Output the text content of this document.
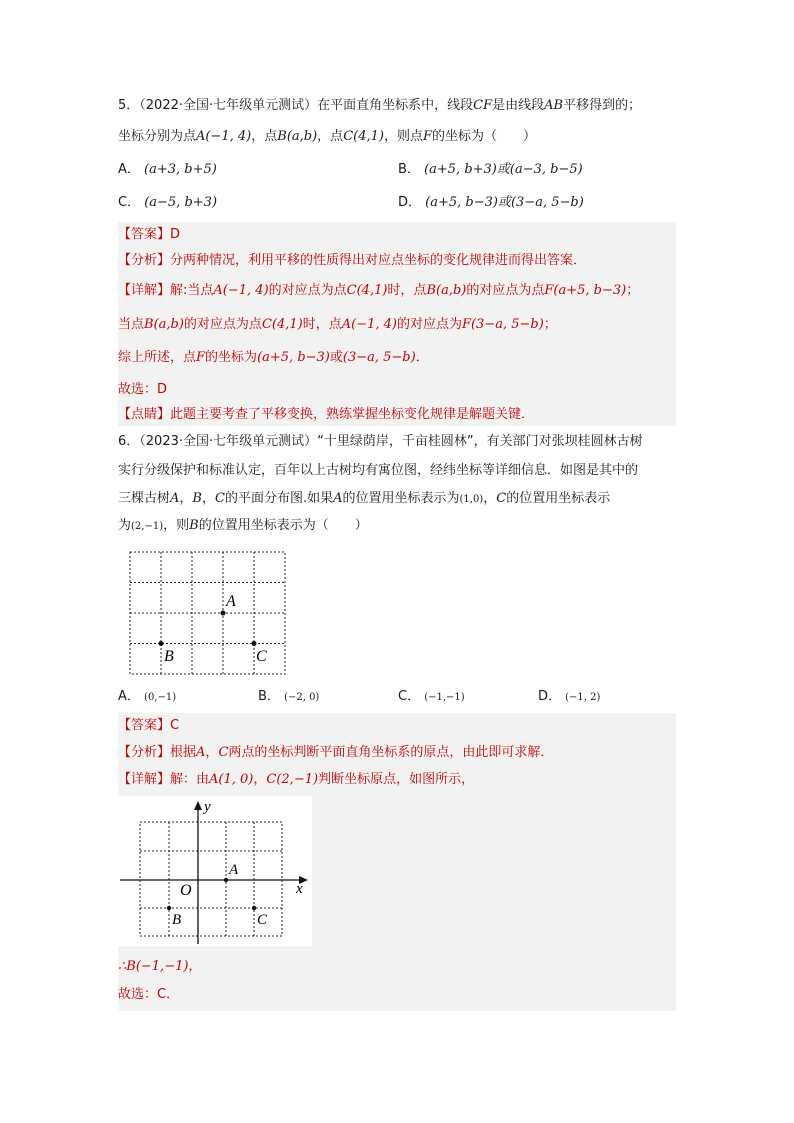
5．（2022·全国·七年级单元测试）在平面直角坐标系中，线段CF是由线段AB平移得到的；
坐标分别为点A(−1, 4)，点B(a,b)，点C(4,1)，则点F的坐标为（　　）
A． (a+3, b+5)	B． (a+5, b+3)或(a−3, b−5)
C． (a−5, b+3)	D． (a+5, b−3)或(3−a, 5−b)
【答案】D
【分析】分两种情况，利用平移的性质得出对应点坐标的变化规律进而得出答案．
【详解】解:当点A(−1, 4)的对应点为点C(4,1)时，点B(a,b)的对应点为点F(a+5, b−3)；
当点B(a,b)的对应点为点C(4,1)时，点A(−1, 4)的对应点为F(3−a, 5−b)；
综上所述，点F的坐标为(a+5, b−3)或(3−a, 5−b)．
故选：D
【点睛】此题主要考查了平移变换，熟练掌握坐标变化规律是解题关键．
6．（2023·全国·七年级单元测试）“十里绿荫岸，千亩桂圆林”，有关部门对张坝桂圆林古树
实行分级保护和标准认定，百年以上古树均有寓位图，经纬坐标等详细信息．如图是其中的
三棵古树A，B，C的平面分布图.如果A的位置用坐标表示为(1,0)，C的位置用坐标表示
为(2,−1)，则B的位置用坐标表示为（　　）
A
B	C
A． (0,−1)	B． (−2, 0)	C． (−1,−1)	D． (−1, 2)
【答案】C
【分析】根据A，C两点的坐标判断平面直角坐标系的原点，由此即可求解．
【详解】解：由A(1, 0)，C(2,−1)判断坐标原点，如图所示，
x
y
O
A
B	C
∴B(−1,−1)，
故选：C．
